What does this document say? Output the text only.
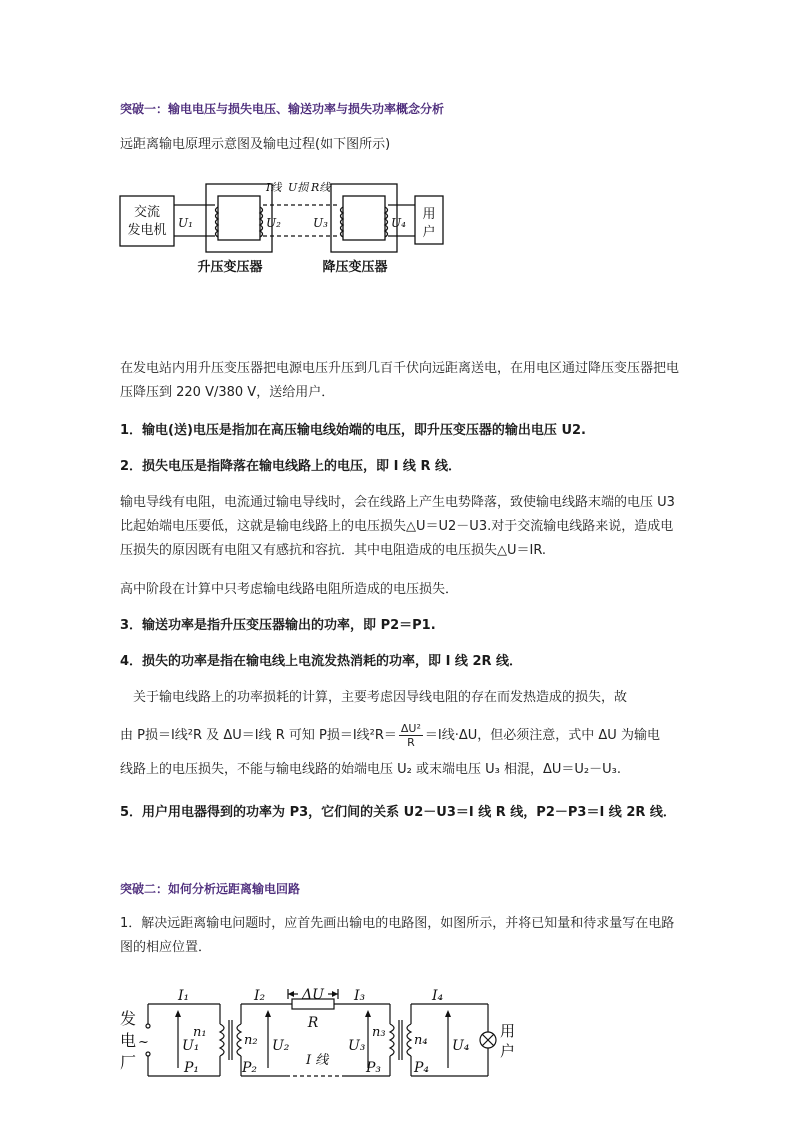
突破一：输电电压与损失电压、输送功率与损失功率概念分析
远距离输电原理示意图及输电过程(如下图所示)
交流
发电机 U₁	U₂	U₃	U₄
I线 U损 R线
用
户
升压变压器	降压变压器
在发电站内用升压变压器把电源电压升压到几百千伏向远距离送电，在用电区通过降压变压器把电压降压到 220 V/380 V，送给用户．
1．输电(送)电压是指加在高压输电线始端的电压，即升压变压器的输出电压 U2.
2．损失电压是指降落在输电线路上的电压，即 I 线 R 线．
输电导线有电阻，电流通过输电导线时，会在线路上产生电势降落，致使输电线路末端的电压 U3 比起始端电压要低，这就是输电线路上的电压损失△U＝U2－U3.对于交流输电线路来说，造成电压损失的原因既有电阻又有感抗和容抗．其中电阻造成的电压损失△U＝IR.
高中阶段在计算中只考虑输电线路电阻所造成的电压损失．
3．输送功率是指升压变压器输出的功率，即 P2＝P1.
4．损失的功率是指在输电线上电流发热消耗的功率，即 I 线 2R 线．
　关于输电线路上的功率损耗的计算，主要考虑因导线电阻的存在而发热造成的损失，故
由 P损＝I线²R 及 ΔU＝I线 R 可知 P损＝I线$^2R= \frac{\text{ΔU²}}{R} =I$线·ΔU，但必须注意，式中 ΔU 为输电
线路上的电压损失，不能与输电线路的始端电压 U₂ 或末端电压 U₃ 相混，ΔU＝U₂－U₃.
5．用户用电器得到的功率为 P3，它们间的关系 U2－U3＝I 线 R 线，P2－P3＝I 线 2R 线．
突破二：如何分析远距离输电回路
1．解决远距离输电问题时，应首先画出输电的电路图，如图所示，并将已知量和待求量写在电路图的相应位置．
发
电
厂
~
I₁	I₂	I₃	I₄
ΔU
R
n₁
n₂
n₃
n₄
U₁	U₂	U₃	U₄
P₁	P₂	P₃ P₄
I 线
用
户
